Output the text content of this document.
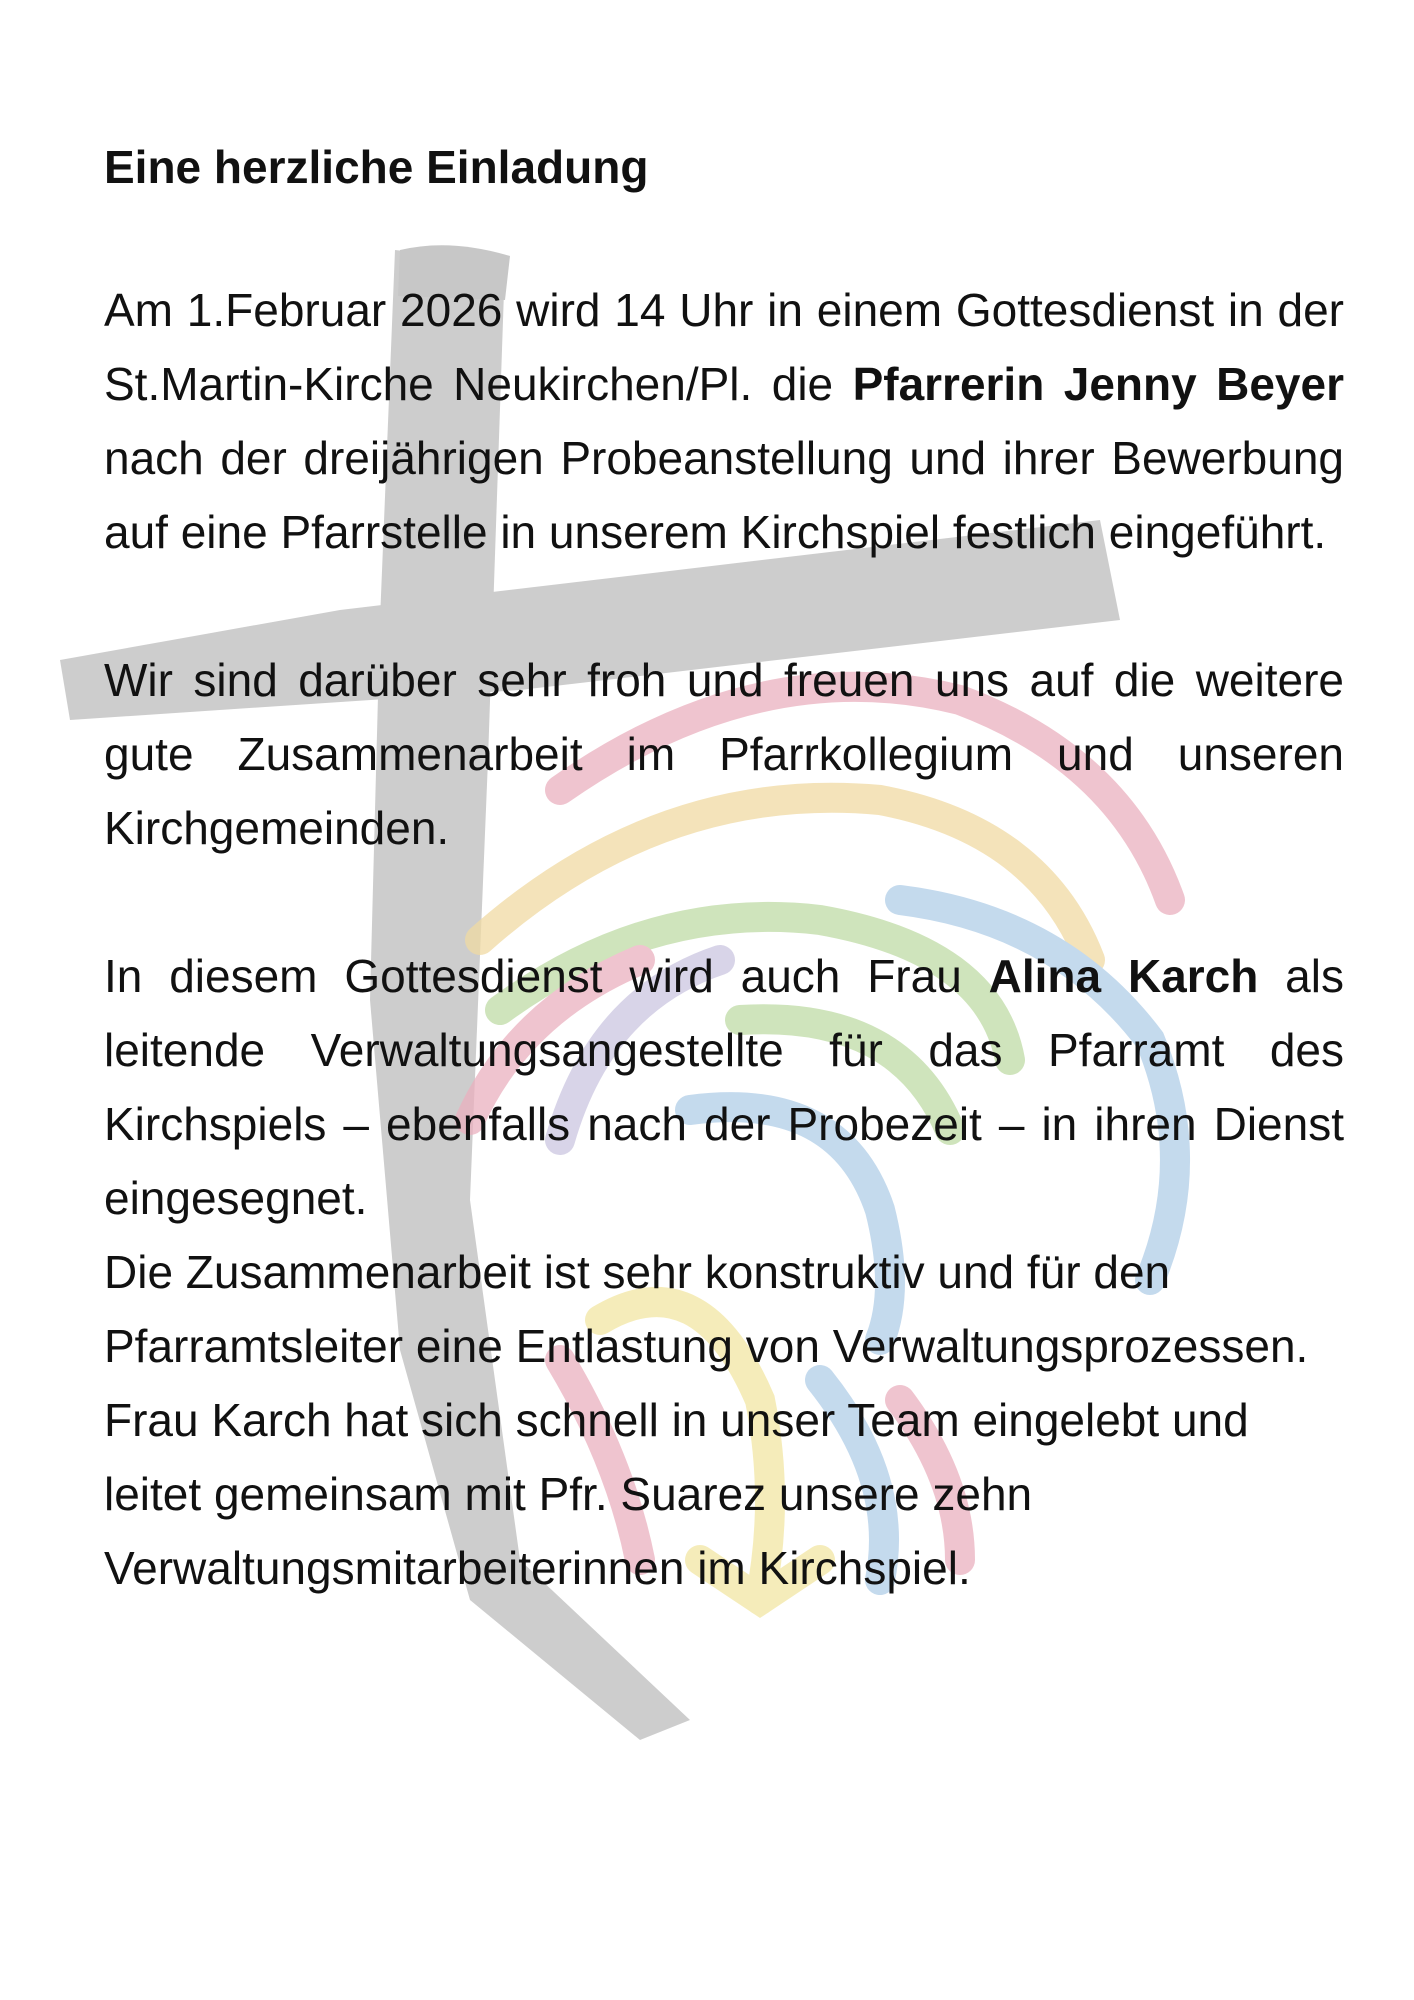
Eine herzliche Einladung

Am 1.Februar 2026 wird 14 Uhr in einem Gottesdienst in der St.Martin-Kirche Neukirchen/Pl. die Pfarrerin Jenny Beyer nach der dreijährigen Probeanstellung und ihrer Bewerbung auf eine Pfarrstelle in unserem Kirchspiel festlich eingeführt.

Wir sind darüber sehr froh und freuen uns auf die weitere gute Zusammenarbeit im Pfarrkollegium und unseren Kirchgemeinden.

In diesem Gottesdienst wird auch Frau Alina Karch als leitende Verwaltungsangestellte für das Pfarramt des Kirchspiels – ebenfalls nach der Probezeit – in ihren Dienst eingesegnet.

Die Zusammenarbeit ist sehr konstruktiv und für den Pfarramtsleiter eine Entlastung von Verwaltungsprozessen. Frau Karch hat sich schnell in unser Team eingelebt und leitet gemeinsam mit Pfr. Suarez unsere zehn Verwaltungsmitarbeiterinnen im Kirchspiel.
